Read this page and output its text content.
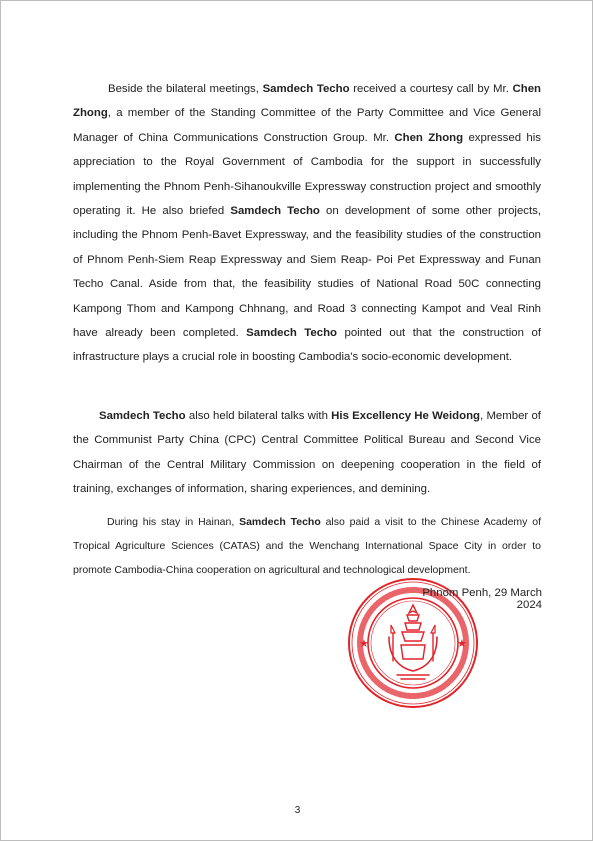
Beside the bilateral meetings, Samdech Techo received a courtesy call by Mr. Chen Zhong, a member of the Standing Committee of the Party Committee and Vice General Manager of China Communications Construction Group. Mr. Chen Zhong expressed his appreciation to the Royal Government of Cambodia for the support in successfully implementing the Phnom Penh-Sihanoukville Expressway construction project and smoothly operating it. He also briefed Samdech Techo on development of some other projects, including the Phnom Penh-Bavet Expressway, and the feasibility studies of the construction of Phnom Penh-Siem Reap Expressway and Siem Reap- Poi Pet Expressway and Funan Techo Canal. Aside from that, the feasibility studies of National Road 50C connecting Kampong Thom and Kampong Chhnang, and Road 3 connecting Kampot and Veal Rinh have already been completed. Samdech Techo pointed out that the construction of infrastructure plays a crucial role in boosting Cambodia's socio-economic development.

Samdech Techo also held bilateral talks with His Excellency He Weidong, Member of the Communist Party China (CPC) Central Committee Political Bureau and Second Vice Chairman of the Central Military Commission on deepening cooperation in the field of training, exchanges of information, sharing experiences, and demining.

During his stay in Hainan, Samdech Techo also paid a visit to the Chinese Academy of Tropical Agriculture Sciences (CATAS) and the Wenchang International Space City in order to promote Cambodia-China cooperation on agricultural and technological development.

★	★
Phnom Penh, 29 March 2024
3
